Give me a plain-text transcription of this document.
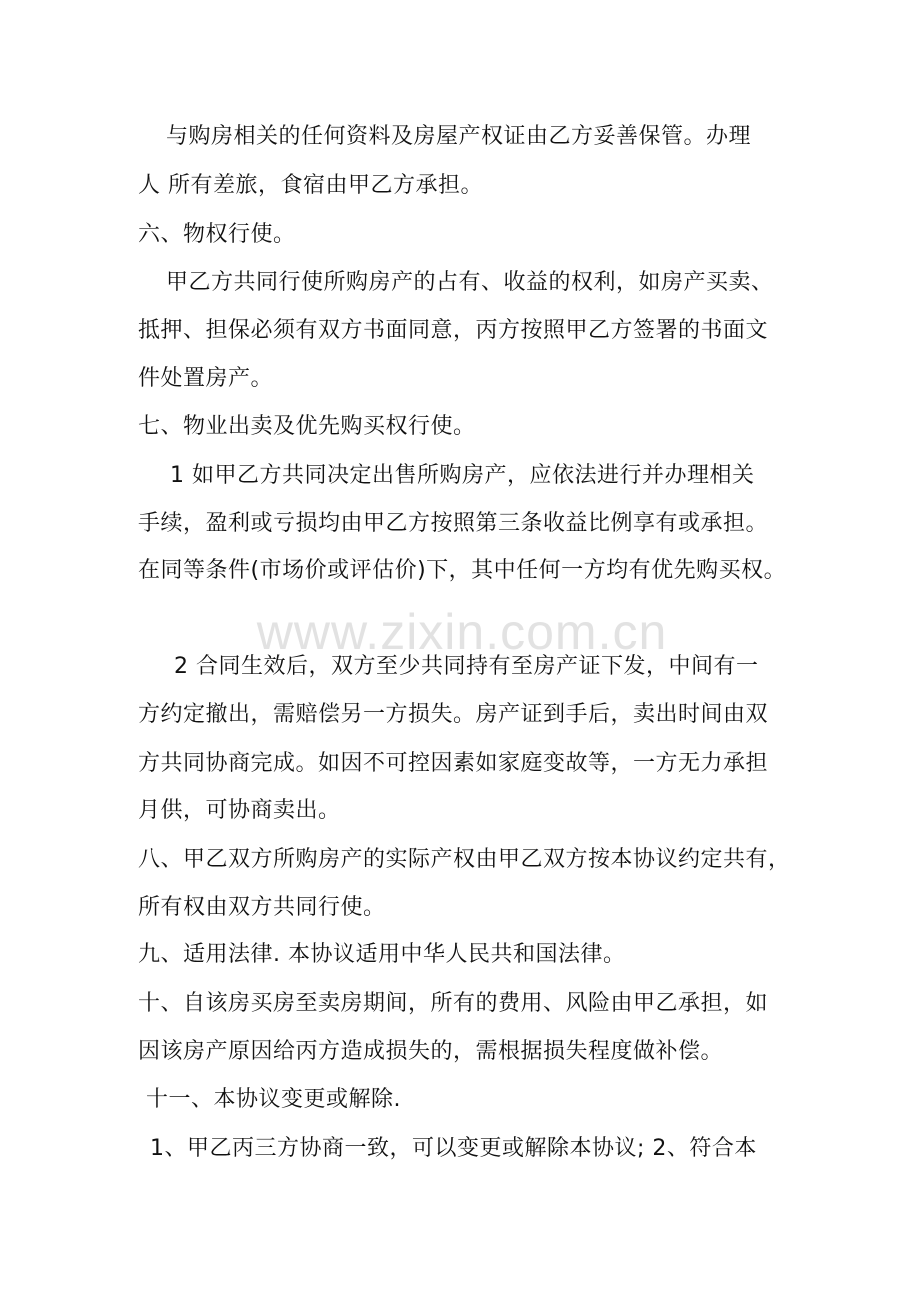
与购房相关的任何资料及房屋产权证由乙方妥善保管。办理
人 所有差旅，食宿由甲乙方承担。
六、物权行使。
甲乙方共同行使所购房产的占有、收益的权利，如房产买卖、
抵押、担保必须有双方书面同意，丙方按照甲乙方签署的书面文
件处置房产。
七、物业出卖及优先购买权行使。
1 如甲乙方共同决定出售所购房产，应依法进行并办理相关
手续，盈利或亏损均由甲乙方按照第三条收益比例享有或承担。
在同等条件(市场价或评估价)下，其中任何一方均有优先购买权。
www.zixin.com.cn
2 合同生效后，双方至少共同持有至房产证下发，中间有一
方约定撤出，需赔偿另一方损失。房产证到手后，卖出时间由双
方共同协商完成。如因不可控因素如家庭变故等，一方无力承担
月供，可协商卖出。
八、甲乙双方所购房产的实际产权由甲乙双方按本协议约定共有，
所有权由双方共同行使。
九、适用法律. 本协议适用中华人民共和国法律。
十、自该房买房至卖房期间，所有的费用、风险由甲乙承担，如
因该房产原因给丙方造成损失的，需根据损失程度做补偿。
十一、本协议变更或解除.
1、甲乙丙三方协商一致，可以变更或解除本协议; 2、符合本
